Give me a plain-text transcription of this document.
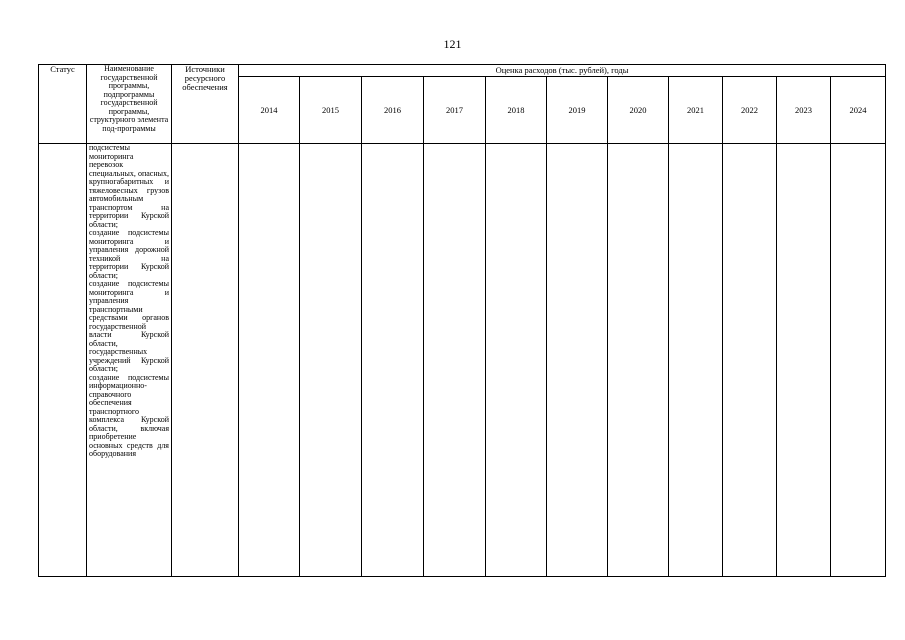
121
Статус	Наименование государственной программы, подпрограммы государственной программы, структурного элемента под-программы	Источники ресурсного обеспечения	Оценка расходов (тыс. рублей), годы										
			2014	2015	2016	2017	2018	2019	2020	2021	2022	2023	2024

	подсистемы мониторинга перевозок специальных, опасных, крупногабаритных и тяжеловесных грузов автомобильным транспортом на территории Курской области;
создание подсистемы мониторинга и управления дорожной техникой на территории Курской области;
создание подсистемы мониторинга и управления транспортными средствами органов государственной власти Курской области, государственных учреждений Курской области;
создание подсистемы информационно-справочного обеспечения транспортного комплекса Курской области, включая приобретение основных средств для оборудования												
